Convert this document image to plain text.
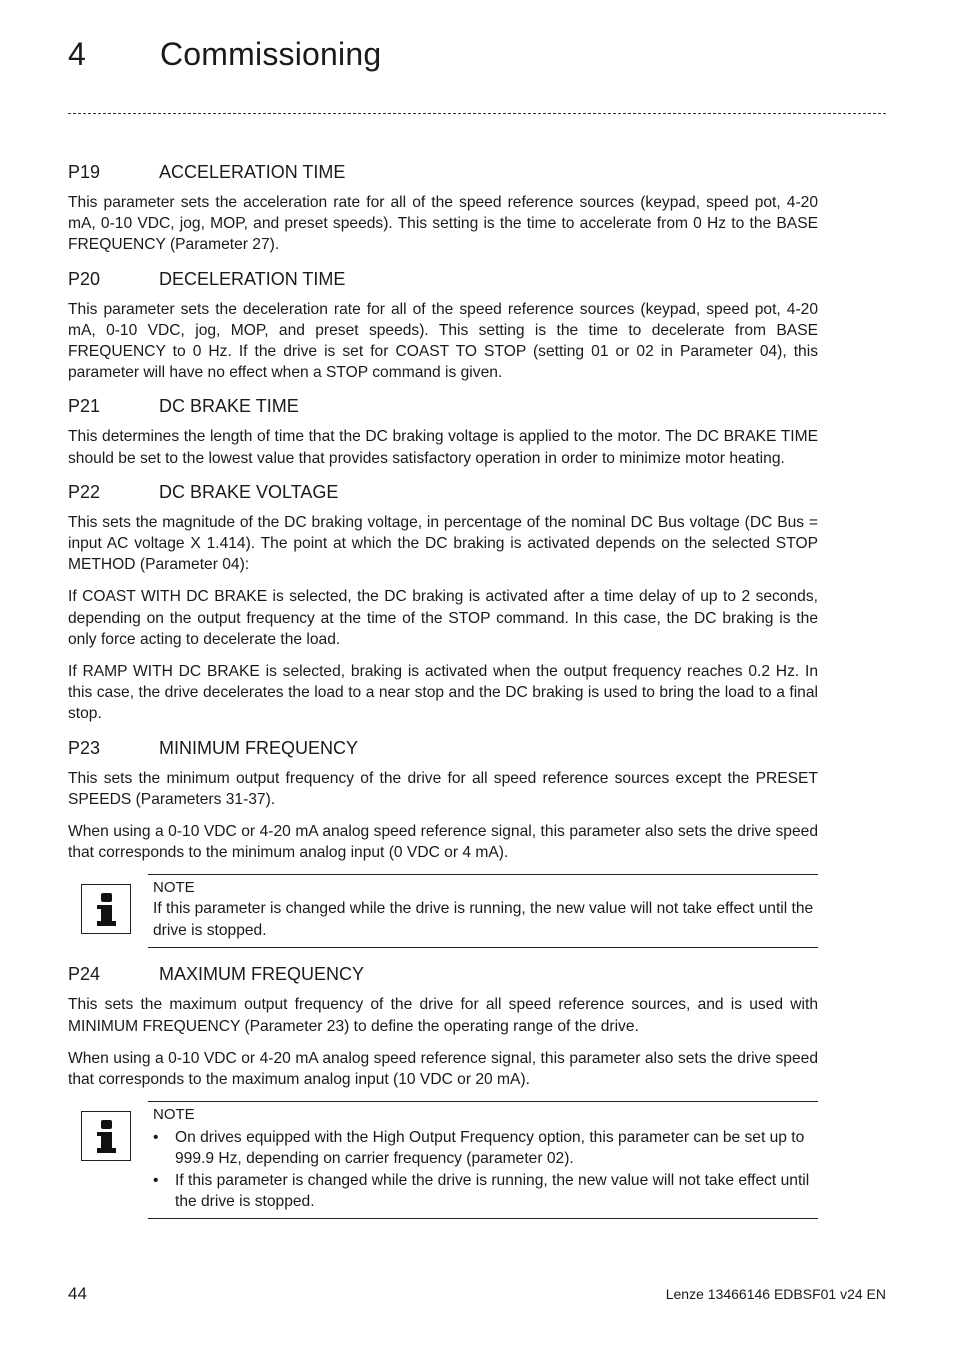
4 Commissioning
P19	ACCELERATION TIME

This parameter sets the acceleration rate for all of the speed reference sources (keypad, speed pot, 4-20 mA, 0-10 VDC, jog, MOP, and preset speeds). This setting is the time to accelerate from 0 Hz to the BASE FREQUENCY (Parameter 27).

P20	DECELERATION TIME

This parameter sets the deceleration rate for all of the speed reference sources (keypad, speed pot, 4-20 mA, 0-10 VDC, jog, MOP, and preset speeds). This setting is the time to decelerate from BASE FREQUENCY to 0 Hz. If the drive is set for COAST TO STOP (setting 01 or 02 in Parameter 04), this parameter will have no effect when a STOP command is given.

P21	DC BRAKE TIME

This determines the length of time that the DC braking voltage is applied to the motor. The DC BRAKE TIME should be set to the lowest value that provides satisfactory operation in order to minimize motor heating.

P22	DC BRAKE VOLTAGE

This sets the magnitude of the DC braking voltage, in percentage of the nominal DC Bus voltage (DC Bus = input AC voltage X 1.414). The point at which the DC braking is activated depends on the selected STOP METHOD (Parameter 04):

If COAST WITH DC BRAKE is selected, the DC braking is activated after a time delay of up to 2 seconds, depending on the output frequency at the time of the STOP command. In this case, the DC braking is the only force acting to decelerate the load.

If RAMP WITH DC BRAKE is selected, braking is activated when the output frequency reaches 0.2 Hz. In this case, the drive decelerates the load to a near stop and the DC braking is used to bring the load to a final stop.

P23	MINIMUM FREQUENCY

This sets the minimum output frequency of the drive for all speed reference sources except the PRESET SPEEDS (Parameters 31-37).

When using a 0-10 VDC or 4-20 mA analog speed reference signal, this parameter also sets the drive speed that corresponds to the minimum analog input (0 VDC or 4 mA).

NOTE
If this parameter is changed while the drive is running, the new value will not take effect until the drive is stopped.
P24	MAXIMUM FREQUENCY

This sets the maximum output frequency of the drive for all speed reference sources, and is used with MINIMUM FREQUENCY (Parameter 23) to define the operating range of the drive.

When using a 0-10 VDC or 4-20 mA analog speed reference signal, this parameter also sets the drive speed that corresponds to the maximum analog input (10 VDC or 20 mA).

NOTE
• On drives equipped with the High Output Frequency option, this parameter can be set up to 999.9 Hz, depending on carrier frequency (parameter 02).
• If this parameter is changed while the drive is running, the new value will not take effect until the drive is stopped.
44	Lenze 13466146 EDBSF01 v24 EN
